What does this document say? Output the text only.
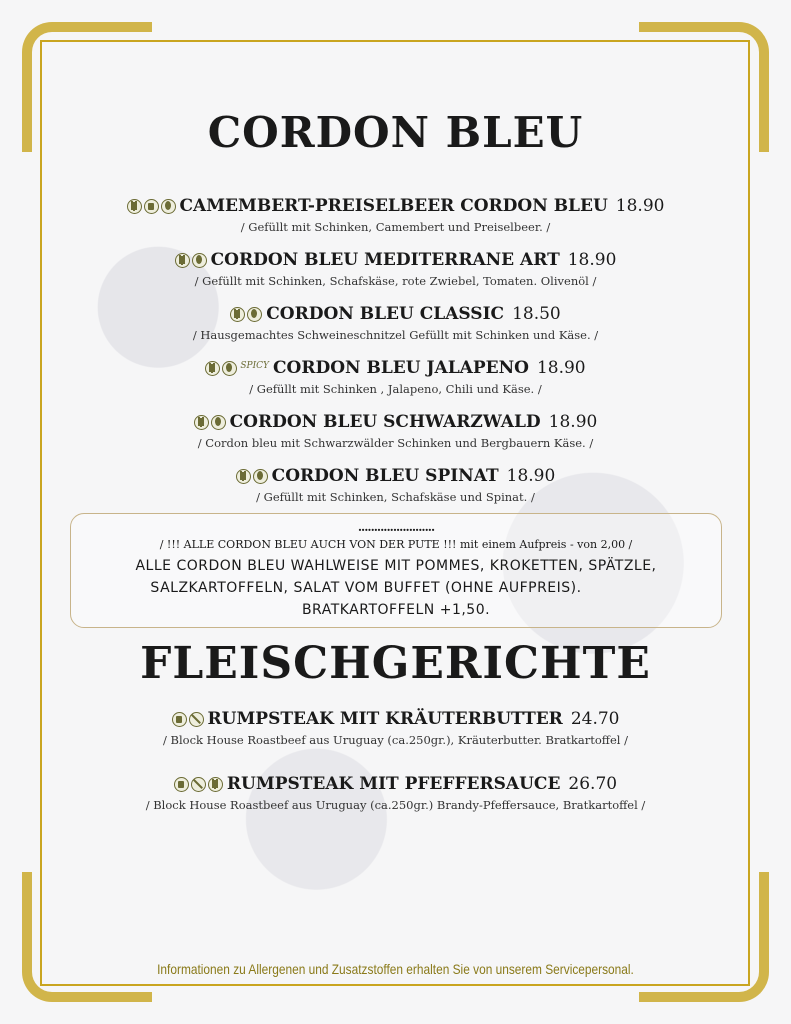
CORDON BLEU
CAMEMBERT-PREISELBEER CORDON BLEU 18.90
/ Gefüllt mit Schinken, Camembert und Preiselbeer. /
CORDON BLEU MEDITERRANE ART 18.90
/ Gefüllt mit Schinken, Schafskäse, rote Zwiebel, Tomaten. Olivenöl /
CORDON BLEU CLASSIC 18.50
/ Hausgemachtes Schweineschnitzel Gefüllt mit Schinken und Käse. /
SPICY CORDON BLEU JALAPENO 18.90
/ Gefüllt mit Schinken , Jalapeno, Chili und Käse. /
CORDON BLEU SCHWARZWALD 18.90
/ Cordon bleu mit Schwarzwälder Schinken und Bergbauern Käse. /
CORDON BLEU SPINAT 18.90
/ Gefüllt mit Schinken, Schafskäse und Spinat. /
........................
/ !!! ALLE CORDON BLEU AUCH VON DER PUTE !!! mit einem Aufpreis - von 2,00 /
ALLE CORDON BLEU WAHLWEISE MIT POMMES, KROKETTEN, SPÄTZLE,
SALZKARTOFFELN, SALAT VOM BUFFET (OHNE AUFPREIS).
BRATKARTOFFELN +1,50.
FLEISCHGERICHTE
RUMPSTEAK MIT KRÄUTERBUTTER 24.70
/ Block House Roastbeef aus Uruguay (ca.250gr.), Kräuterbutter. Bratkartoffel /
RUMPSTEAK MIT PFEFFERSAUCE 26.70
/ Block House Roastbeef aus Uruguay (ca.250gr.) Brandy-Pfeffersauce, Bratkartoffel /
Informationen zu Allergenen und Zusatzstoffen erhalten Sie von unserem Servicepersonal.
